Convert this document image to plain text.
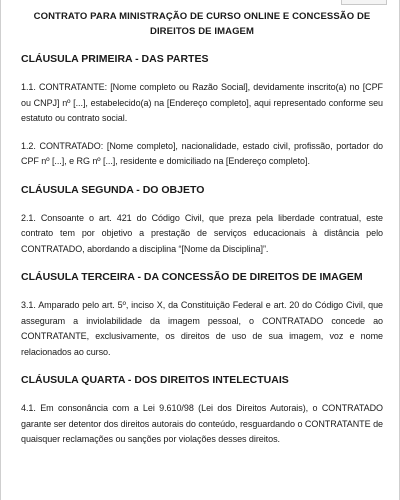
CONTRATO PARA MINISTRAÇÃO DE CURSO ONLINE E CONCESSÃO DE DIREITOS DE IMAGEM

CLÁUSULA PRIMEIRA - DAS PARTES

1.1. CONTRATANTE: [Nome completo ou Razão Social], devidamente inscrito(a) no [CPF ou CNPJ] nº [...], estabelecido(a) na [Endereço completo], aqui representado conforme seu estatuto ou contrato social.

1.2. CONTRATADO: [Nome completo], nacionalidade, estado civil, profissão, portador do CPF nº [...], e RG nº [...], residente e domiciliado na [Endereço completo].

CLÁUSULA SEGUNDA - DO OBJETO

2.1. Consoante o art. 421 do Código Civil, que preza pela liberdade contratual, este contrato tem por objetivo a prestação de serviços educacionais à distância pelo CONTRATADO, abordando a disciplina “[Nome da Disciplina]”.

CLÁUSULA TERCEIRA - DA CONCESSÃO DE DIREITOS DE IMAGEM

3.1. Amparado pelo art. 5º, inciso X, da Constituição Federal e art. 20 do Código Civil, que asseguram a inviolabilidade da imagem pessoal, o CONTRATADO concede ao CONTRATANTE, exclusivamente, os direitos de uso de sua imagem, voz e nome relacionados ao curso.

CLÁUSULA QUARTA - DOS DIREITOS INTELECTUAIS

4.1. Em consonância com a Lei 9.610/98 (Lei dos Direitos Autorais), o CONTRATADO garante ser detentor dos direitos autorais do conteúdo, resguardando o CONTRATANTE de quaisquer reclamações ou sanções por violações desses direitos.
